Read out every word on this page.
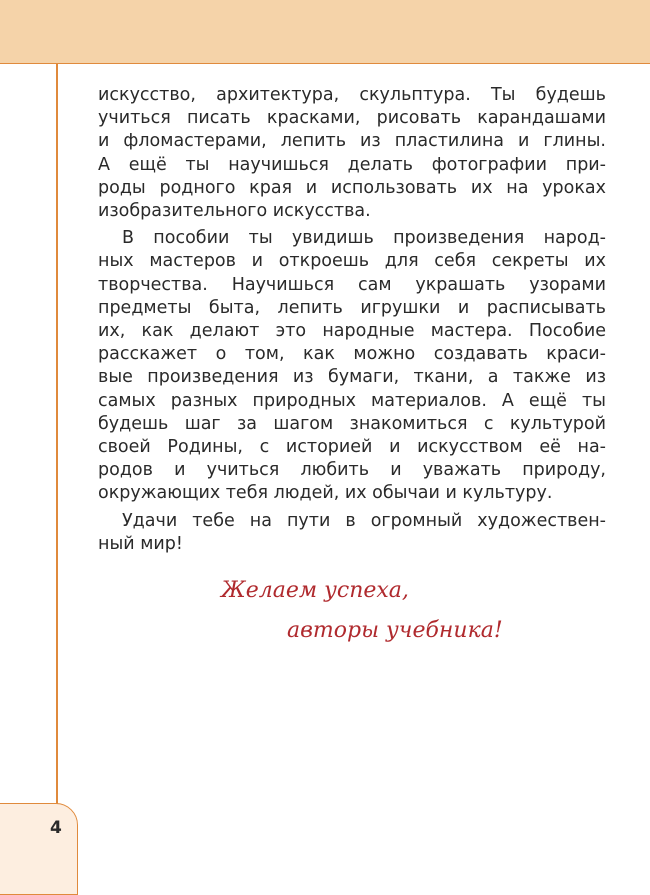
4
искусство, архитектура, скульптура. Ты будешь
учиться писать красками, рисовать карандашами
и фломастерами, лепить из пластилина и глины.
А ещё ты научишься делать фотографии при-
роды родного края и использовать их на уроках
изобразительного искусства.
В пособии ты увидишь произведения народ-
ных мастеров и откроешь для себя секреты их
творчества. Научишься сам украшать узорами
предметы быта, лепить игрушки и расписывать
их, как делают это народные мастера. Пособие
расскажет о том, как можно создавать краси-
вые произведения из бумаги, ткани, а также из
самых разных природных материалов. А ещё ты
будешь шаг за шагом знакомиться с культурой
своей Родины, с историей и искусством её на-
родов и учиться любить и уважать природу,
окружающих тебя людей, их обычаи и культуру.
Удачи тебе на пути в огромный художествен-
ный мир!
Желаем успеха,
авторы учебника!
